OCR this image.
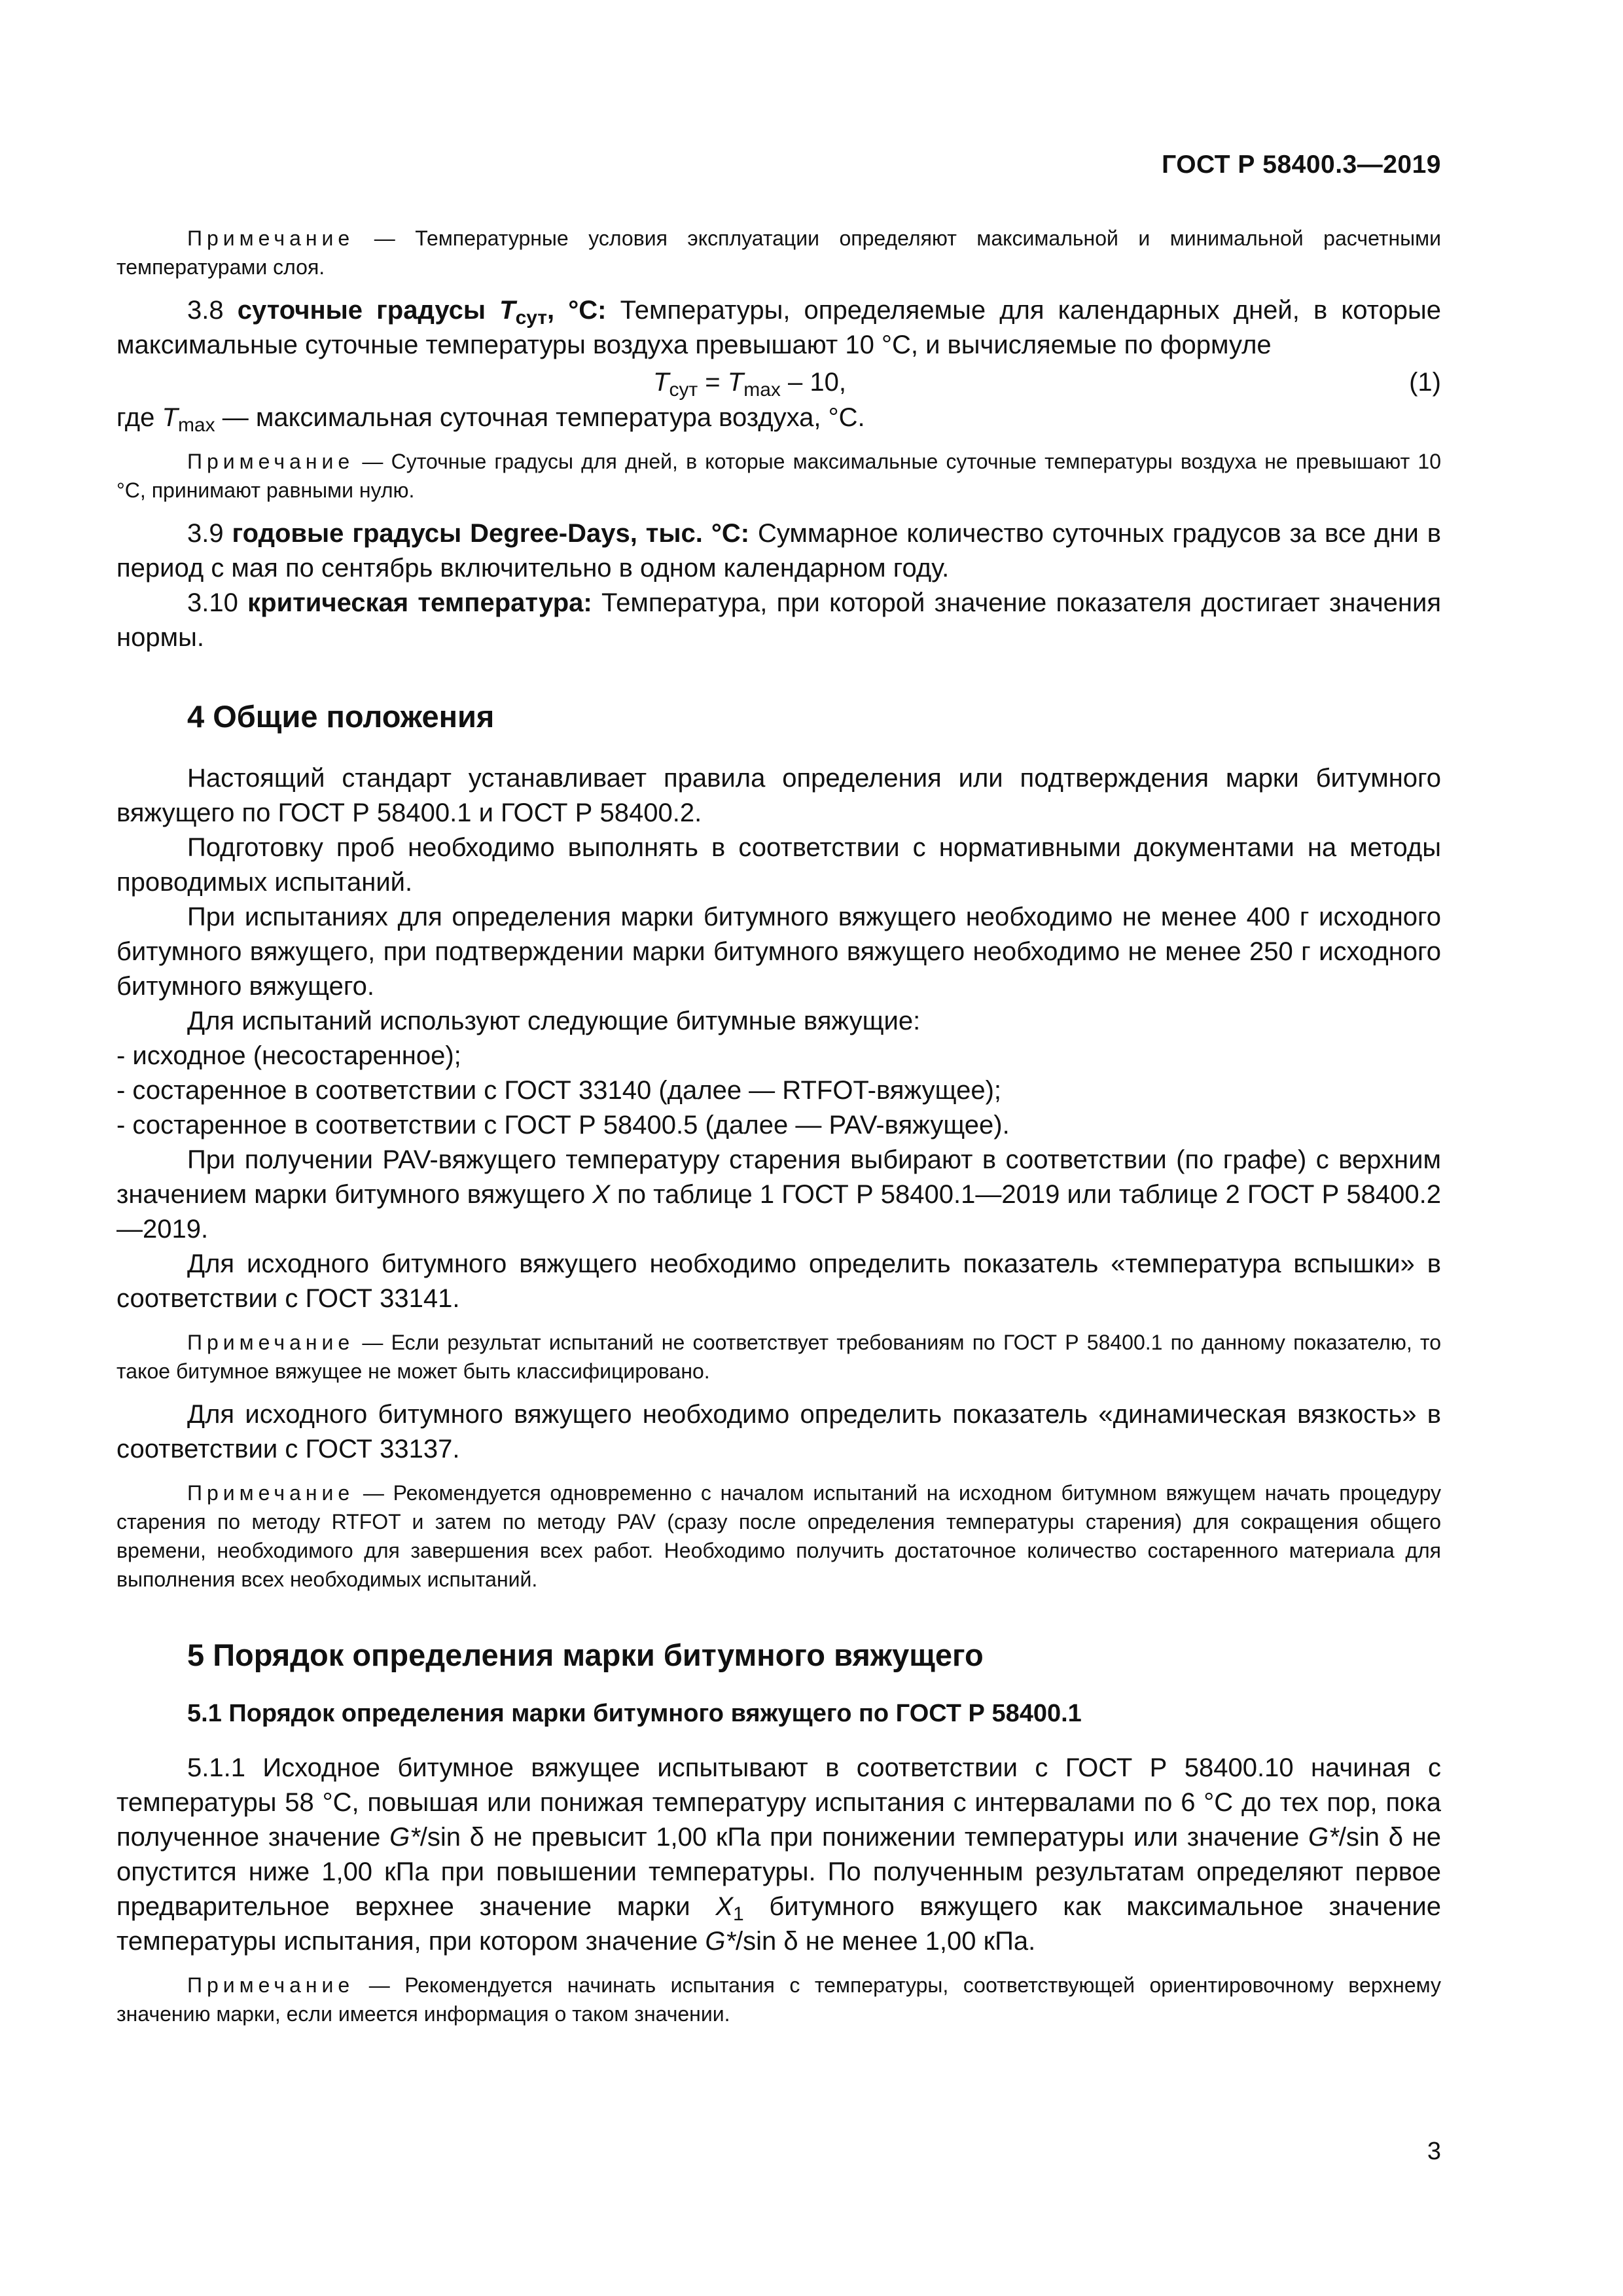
ГОСТ Р 58400.3—2019

Примечание — Температурные условия эксплуатации определяют максимальной и минимальной расчетными температурами слоя.

3.8 суточные градусы $T_{сут}$, °С: Температуры, определяемые для календарных дней, в которые максимальные суточные температуры воздуха превышают 10 °С, и вычисляемые по формуле

$T_{сут} = T_{max} - 10$,	(1)

где $T_{max}$ — максимальная суточная температура воздуха, °С.

Примечание — Суточные градусы для дней, в которые максимальные суточные температуры воздуха не превышают 10 °С, принимают равными нулю.

3.9 годовые градусы Degree-Days, тыс. °С: Суммарное количество суточных градусов за все дни в период с мая по сентябрь включительно в одном календарном году.

3.10 критическая температура: Температура, при которой значение показателя достигает значения нормы.

4 Общие положения

Настоящий стандарт устанавливает правила определения или подтверждения марки битумного вяжущего по ГОСТ Р 58400.1 и ГОСТ Р 58400.2.

Подготовку проб необходимо выполнять в соответствии с нормативными документами на методы проводимых испытаний.

При испытаниях для определения марки битумного вяжущего необходимо не менее 400 г исходного битумного вяжущего, при подтверждении марки битумного вяжущего необходимо не менее 250 г исходного битумного вяжущего.

Для испытаний используют следующие битумные вяжущие:

- исходное (несостаренное);

- состаренное в соответствии с ГОСТ 33140 (далее — RTFOT-вяжущее);

- состаренное в соответствии с ГОСТ Р 58400.5 (далее — PAV-вяжущее).

При получении PAV-вяжущего температуру старения выбирают в соответствии (по графе) с верхним значением марки битумного вяжущего X по таблице 1 ГОСТ Р 58400.1—2019 или таблице 2 ГОСТ Р 58400.2—2019.

Для исходного битумного вяжущего необходимо определить показатель «температура вспышки» в соответствии с ГОСТ 33141.

Примечание — Если результат испытаний не соответствует требованиям по ГОСТ Р 58400.1 по данному показателю, то такое битумное вяжущее не может быть классифицировано.

Для исходного битумного вяжущего необходимо определить показатель «динамическая вязкость» в соответствии с ГОСТ 33137.

Примечание — Рекомендуется одновременно с началом испытаний на исходном битумном вяжущем начать процедуру старения по методу RTFOT и затем по методу PAV (сразу после определения температуры старения) для сокращения общего времени, необходимого для завершения всех работ. Необходимо получить достаточное количество состаренного материала для выполнения всех необходимых испытаний.

5 Порядок определения марки битумного вяжущего
5.1 Порядок определения марки битумного вяжущего по ГОСТ Р 58400.1

5.1.1 Исходное битумное вяжущее испытывают в соответствии с ГОСТ Р 58400.10 начиная с температуры 58 °С, повышая или понижая температуру испытания с интервалами по 6 °С до тех пор, пока полученное значение G*/sin δ не превысит 1,00 кПа при понижении температуры или значение G*/sin δ не опустится ниже 1,00 кПа при повышении температуры. По полученным результатам определяют первое предварительное верхнее значение марки $X_1$ битумного вяжущего как максимальное значение температуры испытания, при котором значение G*/sin δ не менее 1,00 кПа.

Примечание — Рекомендуется начинать испытания с температуры, соответствующей ориентировочному верхнему значению марки, если имеется информация о таком значении.

3
